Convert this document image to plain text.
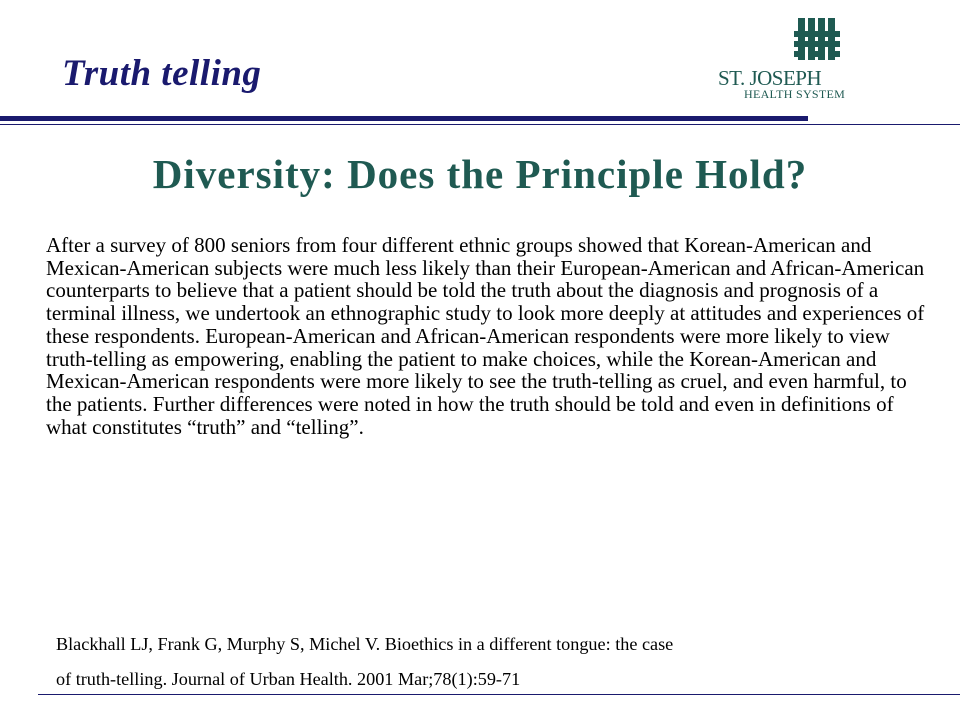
Truth telling	ST. JOSEPH
HEALTH SYSTEM
Diversity: Does the Principle Hold?

After a survey of 800 seniors from four different ethnic groups showed that Korean-American and Mexican-American subjects were much less likely than their European-American and African-American counterparts to believe that a patient should be told the truth about the diagnosis and prognosis of a terminal illness, we undertook an ethnographic study to look more deeply at attitudes and experiences of these respondents. European-American and African-American respondents were more likely to view truth-telling as empowering, enabling the patient to make choices, while the Korean-American and Mexican-American respondents were more likely to see the truth-telling as cruel, and even harmful, to the patients. Further differences were noted in how the truth should be told and even in definitions of what constitutes “truth” and “telling”.

Blackhall LJ, Frank G, Murphy S, Michel V. Bioethics in a different tongue: the case
of truth-telling. Journal of Urban Health. 2001 Mar;78(1):59-71
